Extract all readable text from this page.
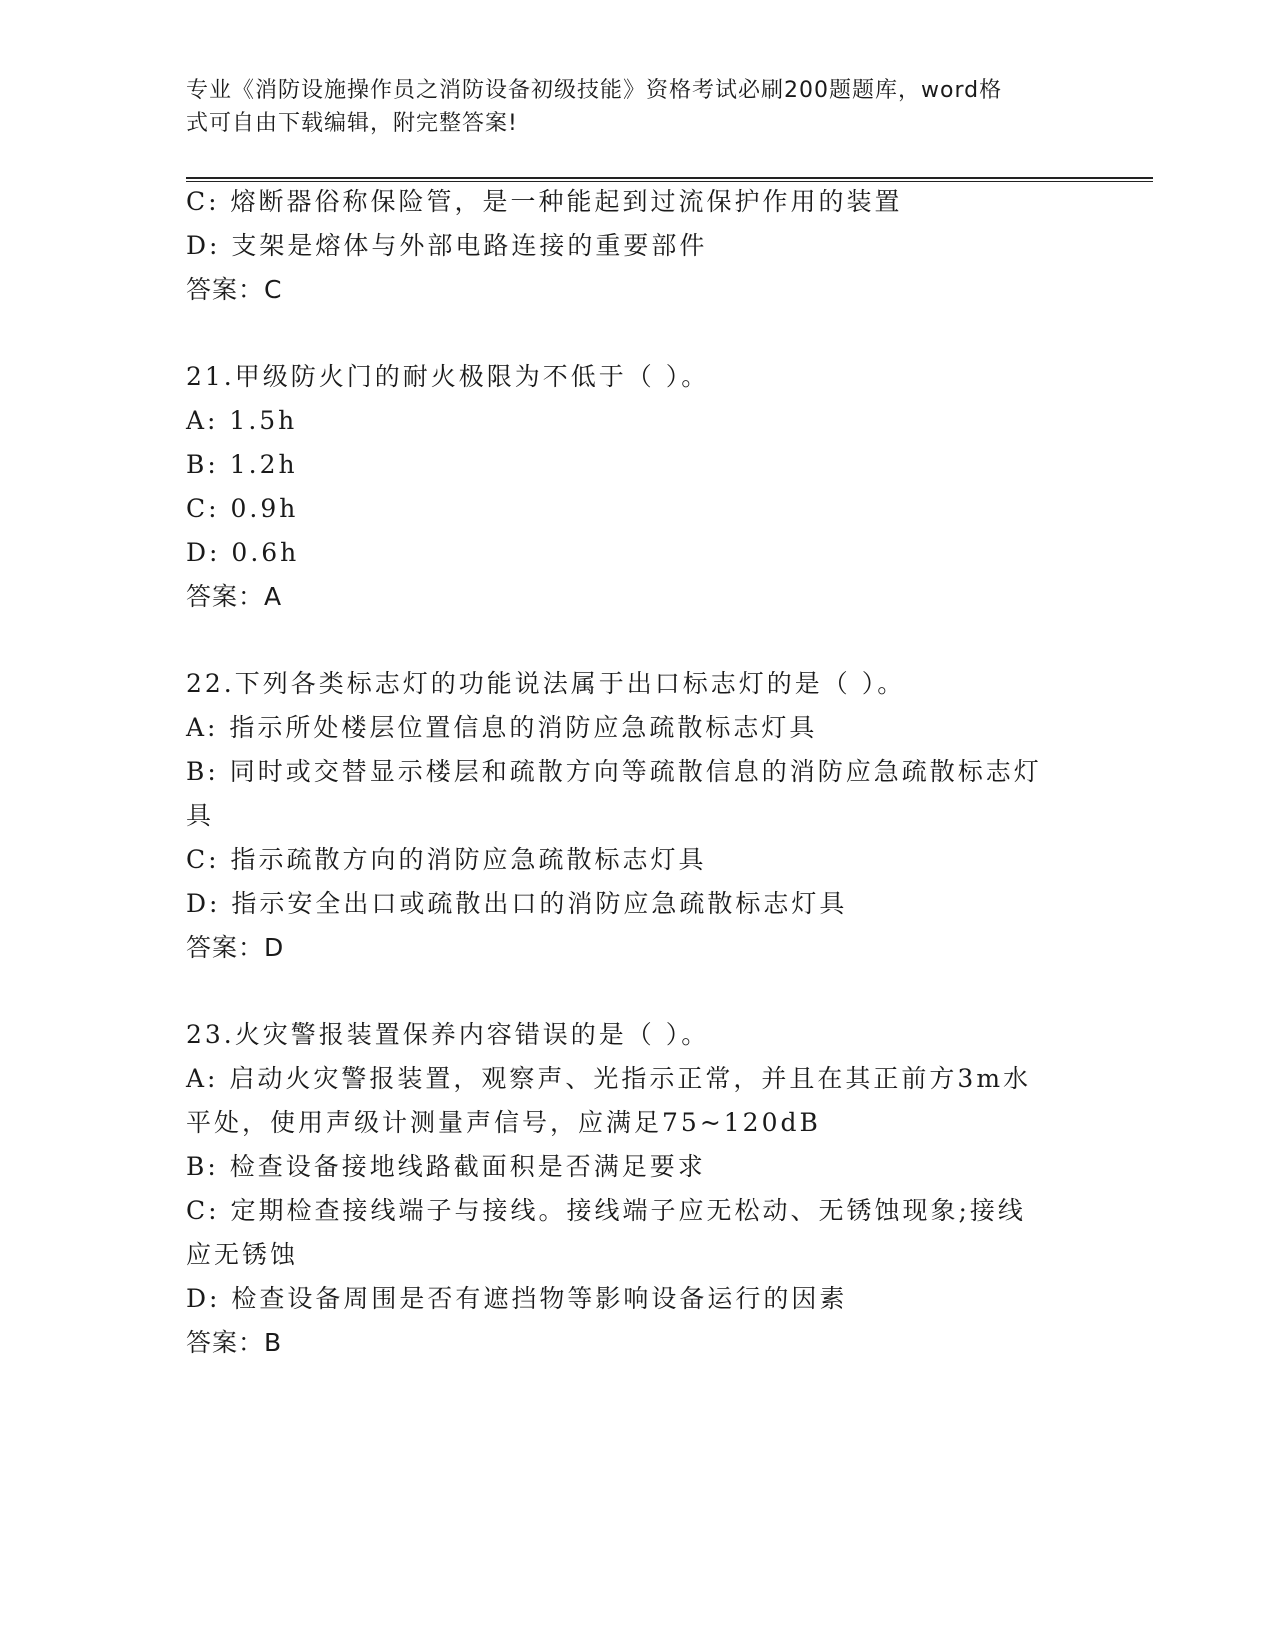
专业《消防设施操作员之消防设备初级技能》资格考试必刷200题题库，word格
式可自由下载编辑，附完整答案!
C: 熔断器俗称保险管，是一种能起到过流保护作用的装置
D: 支架是熔体与外部电路连接的重要部件
答案：C
21.甲级防火门的耐火极限为不低于（ ）。
A: 1.5h
B: 1.2h
C: 0.9h
D: 0.6h
答案：A
22.下列各类标志灯的功能说法属于出口标志灯的是（ ）。
A: 指示所处楼层位置信息的消防应急疏散标志灯具
B: 同时或交替显示楼层和疏散方向等疏散信息的消防应急疏散标志灯
具
C: 指示疏散方向的消防应急疏散标志灯具
D: 指示安全出口或疏散出口的消防应急疏散标志灯具
答案：D
23.火灾警报装置保养内容错误的是（ ）。
A: 启动火灾警报装置，观察声、光指示正常，并且在其正前方3m水
平处，使用声级计测量声信号，应满足75~120dB
B: 检查设备接地线路截面积是否满足要求
C: 定期检查接线端子与接线。接线端子应无松动、无锈蚀现象;接线
应无锈蚀
D: 检查设备周围是否有遮挡物等影响设备运行的因素
答案：B
